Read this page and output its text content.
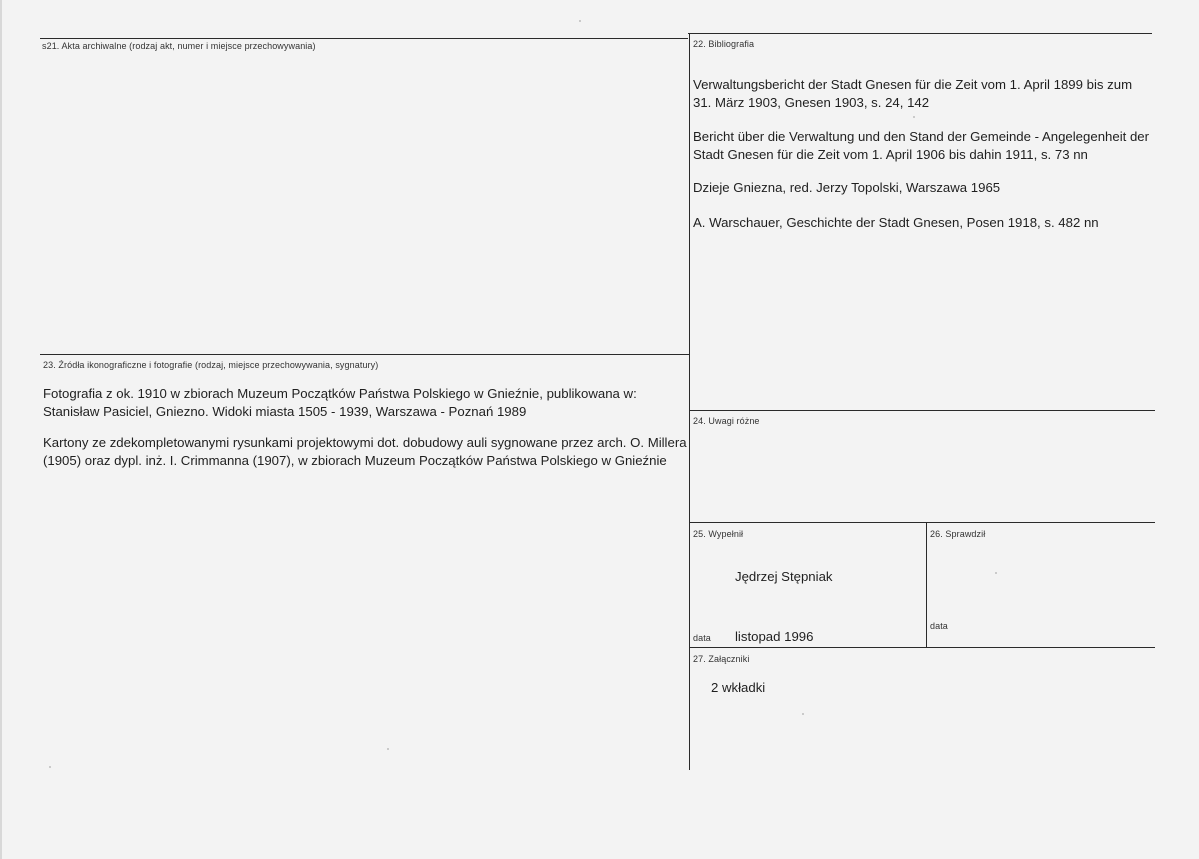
s21. Akta archiwalne (rodzaj akt, numer i miejsce przechowywania)	22. Bibliografia
Verwaltungsbericht der Stadt Gnesen für die Zeit vom 1. April 1899 bis zum 31. März 1903, Gnesen 1903, s. 24, 142
Bericht über die Verwaltung und den Stand der Gemeinde - Angelegenheit der Stadt Gnesen für die Zeit vom 1. April 1906 bis dahin 1911, s. 73 nn
Dzieje Gniezna, red. Jerzy Topolski, Warszawa 1965
A. Warschauer, Geschichte der Stadt Gnesen, Posen 1918, s. 482 nn
23. Źródła ikonograficzne i fotografie (rodzaj, miejsce przechowywania, sygnatury)
Fotografia z ok. 1910 w zbiorach Muzeum Początków Państwa Polskiego w Gnieźnie, publikowana w: Stanisław Pasiciel, Gniezno. Widoki miasta 1505 - 1939, Warszawa - Poznań 1989
Kartony ze zdekompletowanymi rysunkami projektowymi dot. dobudowy auli sygnowane przez arch. O. Millera (1905) oraz dypl. inż. I. Crimmanna (1907), w zbiorach Muzeum Początków Państwa Polskiego w Gnieźnie
24. Uwagi różne
25. Wypełnił
Jędrzej Stępniak
data listopad 1996
26. Sprawdził
data
27. Załączniki
2 wkładki
